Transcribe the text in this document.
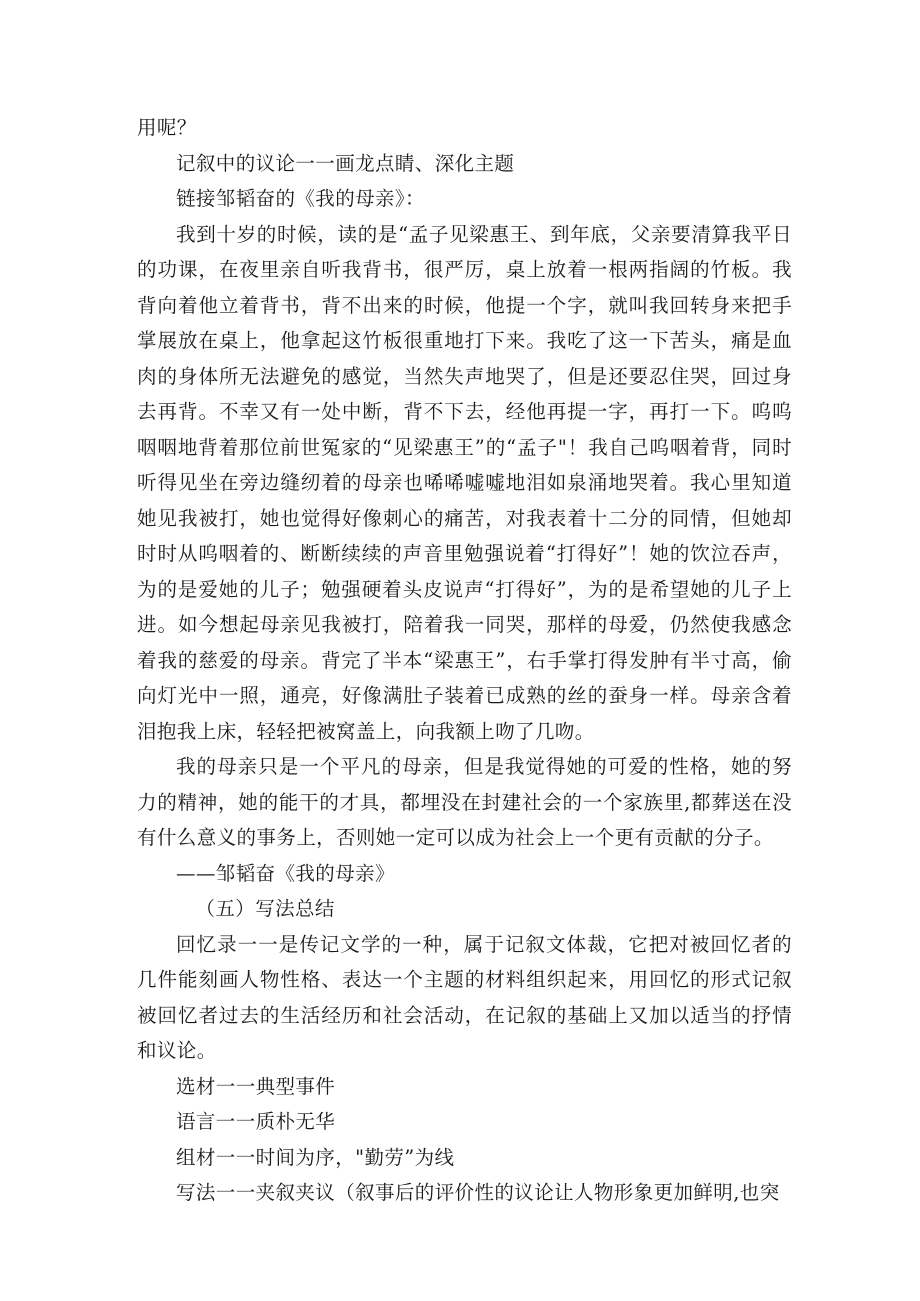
用呢？

记叙中的议论一一画龙点睛、深化主题

链接邹韬奋的《我的母亲》：

我到十岁的时候，读的是“孟子见梁惠王、到年底，父亲要清算我平日的功课，在夜里亲自听我背书，很严厉，桌上放着一根两指阔的竹板。我背向着他立着背书，背不出来的时候，他提一个字，就叫我回转身来把手掌展放在桌上，他拿起这竹板很重地打下来。我吃了这一下苦头，痛是血肉的身体所无法避免的感觉，当然失声地哭了，但是还要忍住哭，回过身去再背。不幸又有一处中断，背不下去，经他再提一字，再打一下。呜呜咽咽地背着那位前世冤家的“见梁惠王”的“孟子"！我自己呜咽着背，同时听得见坐在旁边缝纫着的母亲也唏唏嘘嘘地泪如泉涌地哭着。我心里知道她见我被打，她也觉得好像刺心的痛苦，对我表着十二分的同情，但她却时时从呜咽着的、断断续续的声音里勉强说着“打得好”！她的饮泣吞声，为的是爱她的儿子；勉强硬着头皮说声“打得好”，为的是希望她的儿子上进。如今想起母亲见我被打，陪着我一同哭，那样的母爱，仍然使我感念着我的慈爱的母亲。背完了半本“梁惠王”，右手掌打得发肿有半寸高，偷向灯光中一照，通亮，好像满肚子装着已成熟的丝的蚕身一样。母亲含着泪抱我上床，轻轻把被窝盖上，向我额上吻了几吻。

我的母亲只是一个平凡的母亲，但是我觉得她的可爱的性格，她的努力的精神，她的能干的才具，都埋没在封建社会的一个家族里,都葬送在没有什么意义的事务上，否则她一定可以成为社会上一个更有贡献的分子。

——邹韬奋《我的母亲》

（五）写法总结

回忆录一一是传记文学的一种，属于记叙文体裁，它把对被回忆者的几件能刻画人物性格、表达一个主题的材料组织起来，用回忆的形式记叙被回忆者过去的生活经历和社会活动，在记叙的基础上又加以适当的抒情和议论。

选材一一典型事件

语言一一质朴无华

组材一一时间为序，"勤劳”为线

写法一一夹叙夹议（叙事后的评价性的议论让人物形象更加鲜明,也突
